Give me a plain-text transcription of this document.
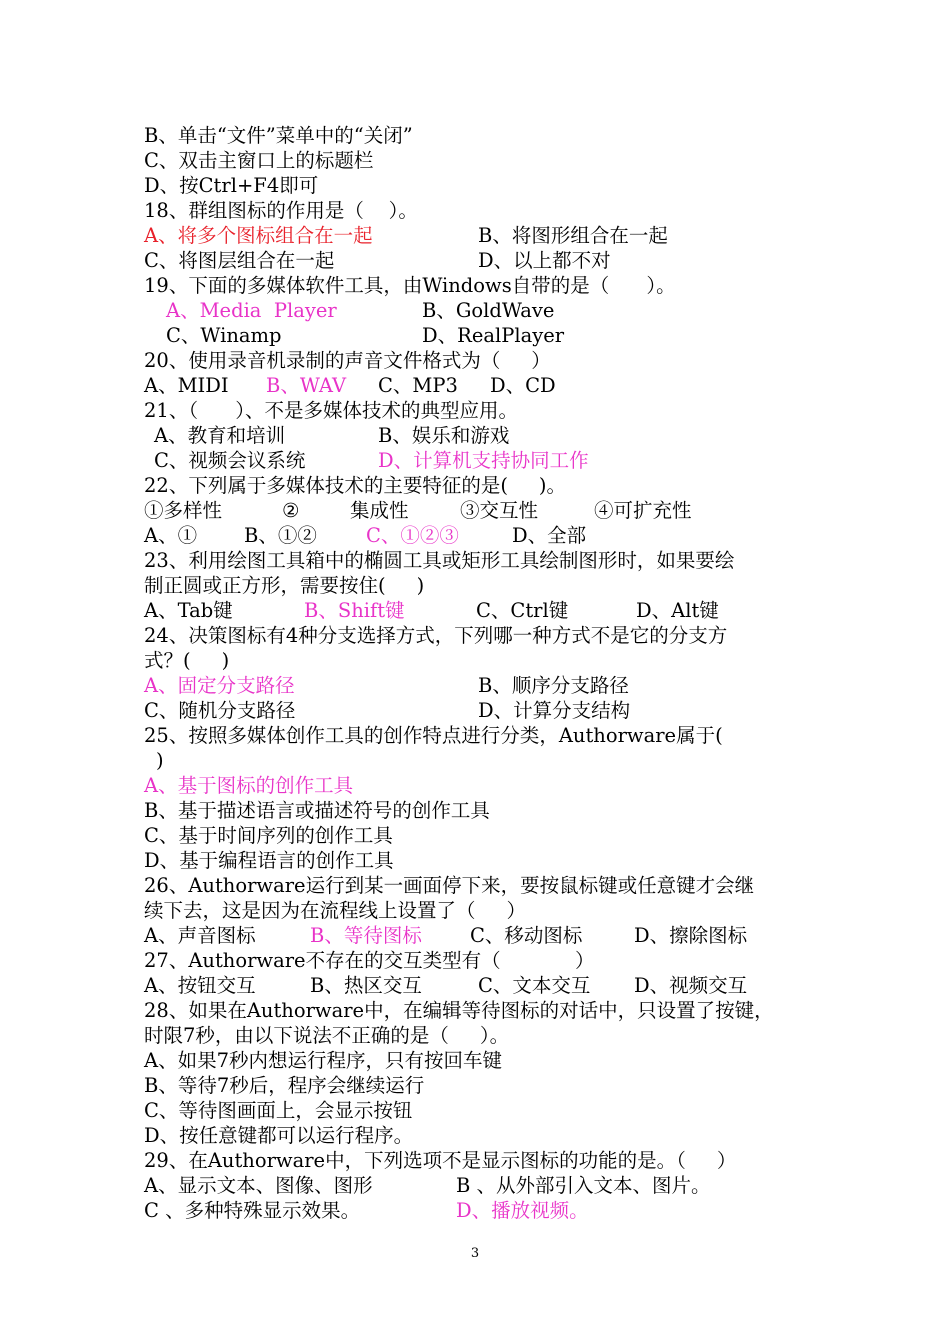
B、单击“文件”菜单中的“关闭”
C、双击主窗口上的标题栏
D、按Ctrl+F4即可
18、群组图标的作用是（    ）。

A、将多个图标组合在一起

	B、将图形组合在一起

C、将图层组合在一起

	D、以上都不对

19、下面的多媒体软件工具，由Windows自带的是（      ）。

A、Media  Player

	B、GoldWave

C、Winamp

	D、RealPlayer

20、使用录音机录制的声音文件格式为（     ）

A、MIDI

B、WAV

C、MP3

D、CD

21、（      ）、不是多媒体技术的典型应用。

A、教育和培训

	B、娱乐和游戏

C、视频会议系统

	D、计算机支持协同工作

22、下列属于多媒体技术的主要特征的是(     )。

①多样性

	②

	集成性

	③交互性

	④可扩充性

A、①

B、①②

	C、①②③

	D、全部

23、利用绘图工具箱中的椭圆工具或矩形工具绘制图形时，如果要绘
制正圆或正方形，需要按住(     )

A、Tab键

	B、Shift键

	C、Ctrl键

	D、Alt键

24、决策图标有4种分支选择方式，下列哪一种方式不是它的分支方
式？(     )

A、固定分支路径

	B、顺序分支路径

C、随机分支路径

	D、计算分支结构

25、按照多媒体创作工具的创作特点进行分类，Authorware属于(
)
A、基于图标的创作工具
B、基于描述语言或描述符号的创作工具
C、基于时间序列的创作工具
D、基于编程语言的创作工具
26、Authorware运行到某一画面停下来，要按鼠标键或任意键才会继
续下去，这是因为在流程线上设置了（     ）

A、声音图标

	B、等待图标

C、移动图标

	D、擦除图标

27、Authorware不存在的交互类型有（            ）

A、按钮交互

	B、热区交互

	C、文本交互

D、视频交互

28、如果在Authorware中，在编辑等待图标的对话中，只设置了按键，
时限7秒，由以下说法不正确的是（     ）。
A、如果7秒内想运行程序，只有按回车键
B、等待7秒后，程序会继续运行
C、等待图画面上，会显示按钮
D、按任意键都可以运行程序。
29、在Authorware中，下列选项不是显示图标的功能的是。（     ）

A、显示文本、图像、图形

	B 、从外部引入文本、图片。

C 、多种特殊显示效果。

	D、播放视频。

3
